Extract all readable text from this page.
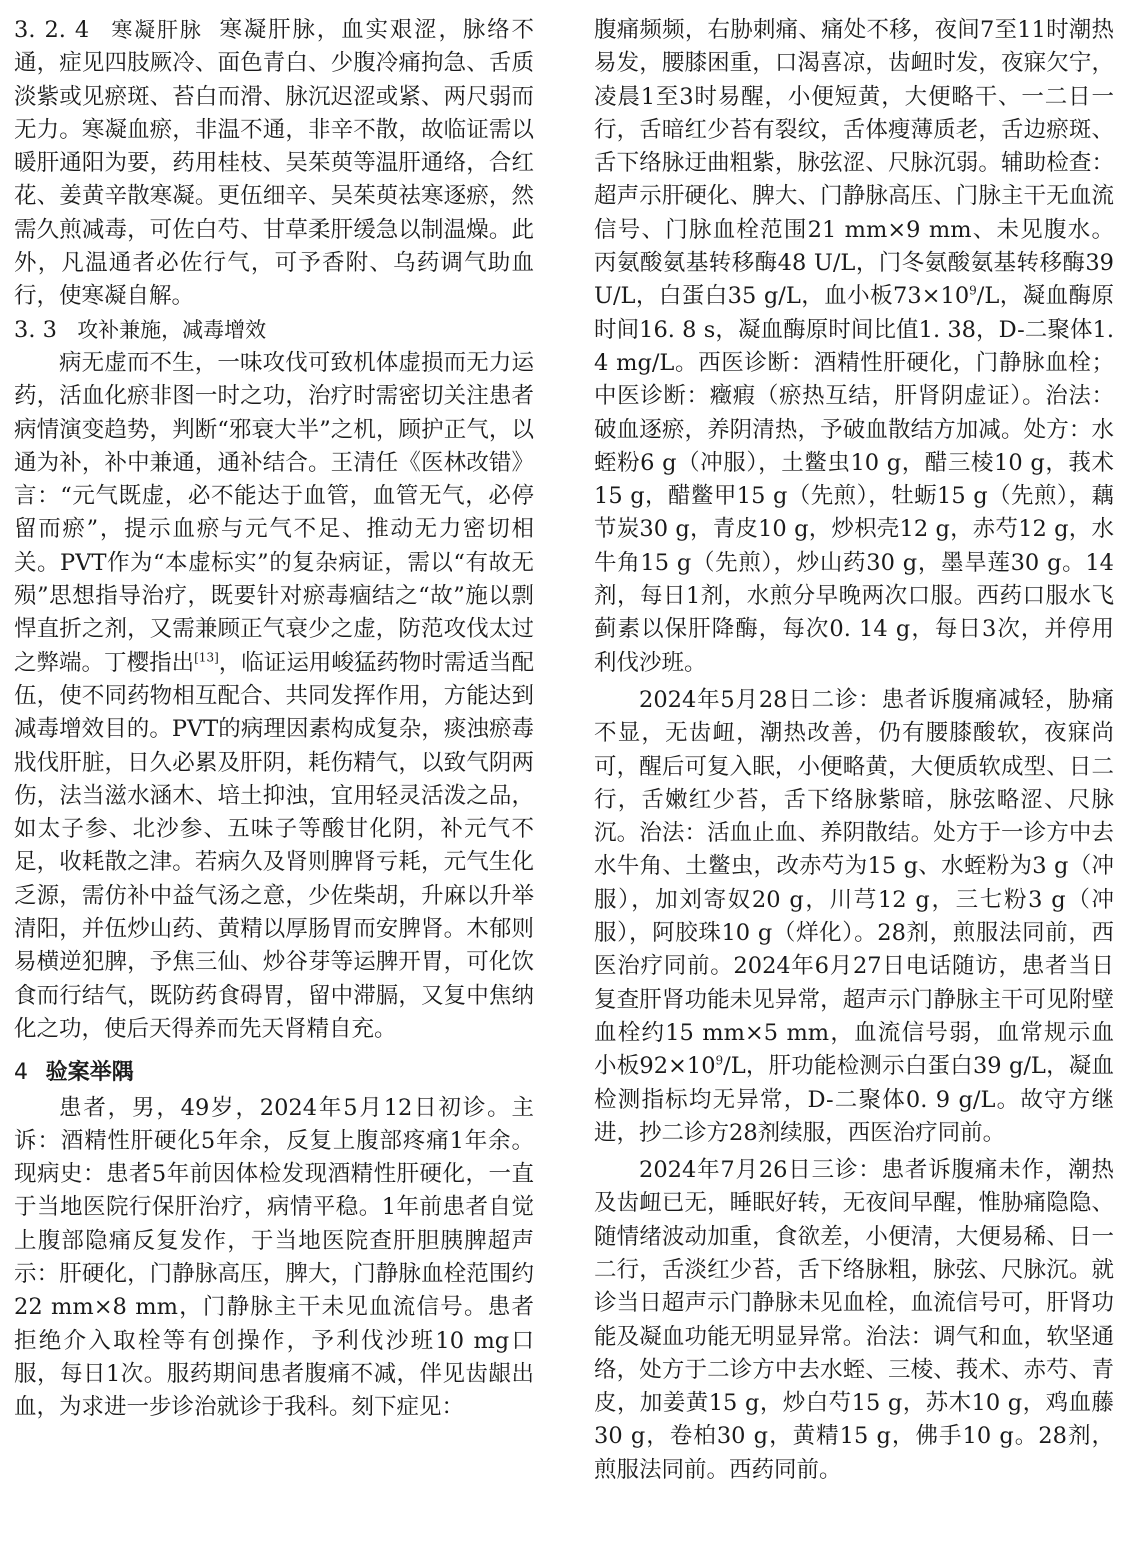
3. 2. 4 寒凝肝脉 寒凝肝脉，血实艰涩，脉络不通，症见四肢厥冷、面色青白、少腹冷痛拘急、舌质淡紫或见瘀斑、苔白而滑、脉沉迟涩或紧、两尺弱而无力。寒凝血瘀，非温不通，非辛不散，故临证需以暖肝通阳为要，药用桂枝、吴茱萸等温肝通络，合红花、姜黄辛散寒凝。更伍细辛、吴茱萸祛寒逐瘀，然需久煎减毒，可佐白芍、甘草柔肝缓急以制温燥。此外，凡温通者必佐行气，可予香附、乌药调气助血行，使寒凝自解。

3. 3 攻补兼施，减毒增效

病无虚而不生，一味攻伐可致机体虚损而无力运药，活血化瘀非图一时之功，治疗时需密切关注患者病情演变趋势，判断“邪衰大半”之机，顾护正气，以通为补，补中兼通，通补结合。王清任《医林改错》言：“元气既虚，必不能达于血管，血管无气，必停留而瘀”，提示血瘀与元气不足、推动无力密切相关。PVT作为“本虚标实”的复杂病证，需以“有故无殒”思想指导治疗，既要针对瘀毒痼结之“故”施以剽悍直折之剂，又需兼顾正气衰少之虚，防范攻伐太过之弊端。丁樱指出[13]，临证运用峻猛药物时需适当配伍，使不同药物相互配合、共同发挥作用，方能达到减毒增效目的。PVT的病理因素构成复杂，痰浊瘀毒戕伐肝脏，日久必累及肝阴，耗伤精气，以致气阴两伤，法当滋水涵木、培土抑浊，宜用轻灵活泼之品，如太子参、北沙参、五味子等酸甘化阴，补元气不足，收耗散之津。若病久及肾则脾肾亏耗，元气生化乏源，需仿补中益气汤之意，少佐柴胡，升麻以升举清阳，并伍炒山药、黄精以厚肠胃而安脾肾。木郁则易横逆犯脾，予焦三仙、炒谷芽等运脾开胃，可化饮食而行结气，既防药食碍胃，留中滞膈，又复中焦纳化之功，使后天得养而先天肾精自充。

4 验案举隅

患者，男，49岁，2024年5月12日初诊。主诉：酒精性肝硬化5年余，反复上腹部疼痛1年余。现病史：患者5年前因体检发现酒精性肝硬化，一直于当地医院行保肝治疗，病情平稳。1年前患者自觉上腹部隐痛反复发作，于当地医院查肝胆胰脾超声示：肝硬化，门静脉高压，脾大，门静脉血栓范围约22 mm×8 mm，门静脉主干未见血流信号。患者拒绝介入取栓等有创操作，予利伐沙班10 mg口服，每日1次。服药期间患者腹痛不减，伴见齿龈出血，为求进一步诊治就诊于我科。刻下症见：

腹痛频频，右胁刺痛、痛处不移，夜间7至11时潮热易发，腰膝困重，口渴喜凉，齿衄时发，夜寐欠宁，凌晨1至3时易醒，小便短黄，大便略干、一二日一行，舌暗红少苔有裂纹，舌体瘦薄质老，舌边瘀斑、舌下络脉迂曲粗紫，脉弦涩、尺脉沉弱。辅助检查：超声示肝硬化、脾大、门静脉高压、门脉主干无血流信号、门脉血栓范围21 mm×9 mm、未见腹水。丙氨酸氨基转移酶48 U/L，门冬氨酸氨基转移酶39 U/L，白蛋白35 g/L，血小板$73\times 10^9/L$，凝血酶原时间16. 8 s，凝血酶原时间比值1. 38，D-二聚体1. 4 mg/L。西医诊断：酒精性肝硬化，门静脉血栓；中医诊断：癥瘕（瘀热互结，肝肾阴虚证）。治法：破血逐瘀，养阴清热，予破血散结方加减。处方：水蛭粉6 g（冲服），土鳖虫10 g，醋三棱10 g，莪术15 g，醋鳖甲15 g（先煎），牡蛎15 g（先煎），藕节炭30 g，青皮10 g，炒枳壳12 g，赤芍12 g，水牛角15 g（先煎），炒山药30 g，墨旱莲30 g。14剂，每日1剂，水煎分早晚两次口服。西药口服水飞蓟素以保肝降酶，每次0. 14 g，每日3次，并停用利伐沙班。

2024年5月28日二诊：患者诉腹痛减轻，胁痛不显，无齿衄，潮热改善，仍有腰膝酸软，夜寐尚可，醒后可复入眠，小便略黄，大便质软成型、日二行，舌嫩红少苔，舌下络脉紫暗，脉弦略涩、尺脉沉。治法：活血止血、养阴散结。处方于一诊方中去水牛角、土鳖虫，改赤芍为15 g、水蛭粉为3 g（冲服），加刘寄奴20 g，川芎12 g，三七粉3 g（冲服），阿胶珠10 g（烊化）。28剂，煎服法同前，西医治疗同前。2024年6月27日电话随访，患者当日复查肝肾功能未见异常，超声示门静脉主干可见附壁血栓约15 mm×5 mm，血流信号弱，血常规示血小板$92\times 10^9/L$，肝功能检测示白蛋白39 g/L，凝血检测指标均无异常，D-二聚体0. 9 g/L。故守方继进，抄二诊方28剂续服，西医治疗同前。

2024年7月26日三诊：患者诉腹痛未作，潮热及齿衄已无，睡眠好转，无夜间早醒，惟胁痛隐隐、随情绪波动加重，食欲差，小便清，大便易稀、日一二行，舌淡红少苔，舌下络脉粗，脉弦、尺脉沉。就诊当日超声示门静脉未见血栓，血流信号可，肝肾功能及凝血功能无明显异常。治法：调气和血，软坚通络，处方于二诊方中去水蛭、三棱、莪术、赤芍、青皮，加姜黄15 g，炒白芍15 g，苏木10 g，鸡血藤30 g，卷柏30 g，黄精15 g，佛手10 g。28剂，煎服法同前。西药同前。
